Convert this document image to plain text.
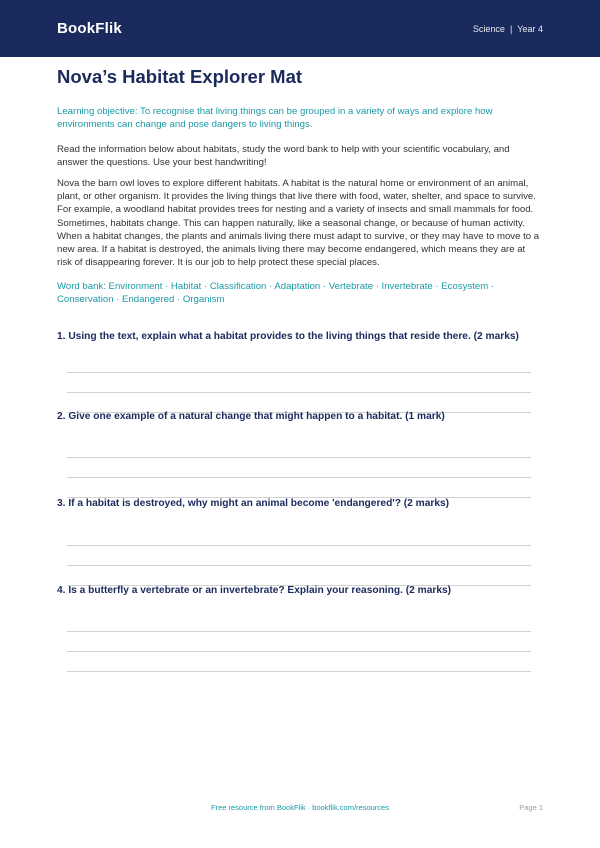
BookFlik	Science | Year 4
Nova’s Habitat Explorer Mat

Learning objective: To recognise that living things can be grouped in a variety of ways and explore how environments can change and pose dangers to living things.

Read the information below about habitats, study the word bank to help with your scientific vocabulary, and answer the questions. Use your best handwriting!

Nova the barn owl loves to explore different habitats. A habitat is the natural home or environment of an animal, plant, or other organism. It provides the living things that live there with food, water, shelter, and space to survive. For example, a woodland habitat provides trees for nesting and a variety of insects and small mammals for food. Sometimes, habitats change. This can happen naturally, like a seasonal change, or because of human activity. When a habitat changes, the plants and animals living there must adapt to survive, or they may have to move to a new area. If a habitat is destroyed, the animals living there may become endangered, which means they are at risk of disappearing forever. It is our job to help protect these special places.

Word bank: Environment · Habitat · Classification · Adaptation · Vertebrate · Invertebrate · Ecosystem · Conservation · Endangered · Organism

1. Using the text, explain what a habitat provides to the living things that reside there. (2 marks)

2. Give one example of a natural change that might happen to a habitat. (1 mark)

3. If a habitat is destroyed, why might an animal become 'endangered'? (2 marks)

4. Is a butterfly a vertebrate or an invertebrate? Explain your reasoning. (2 marks)

Free resource from BookFlik · bookflik.com/resources	Page 1
